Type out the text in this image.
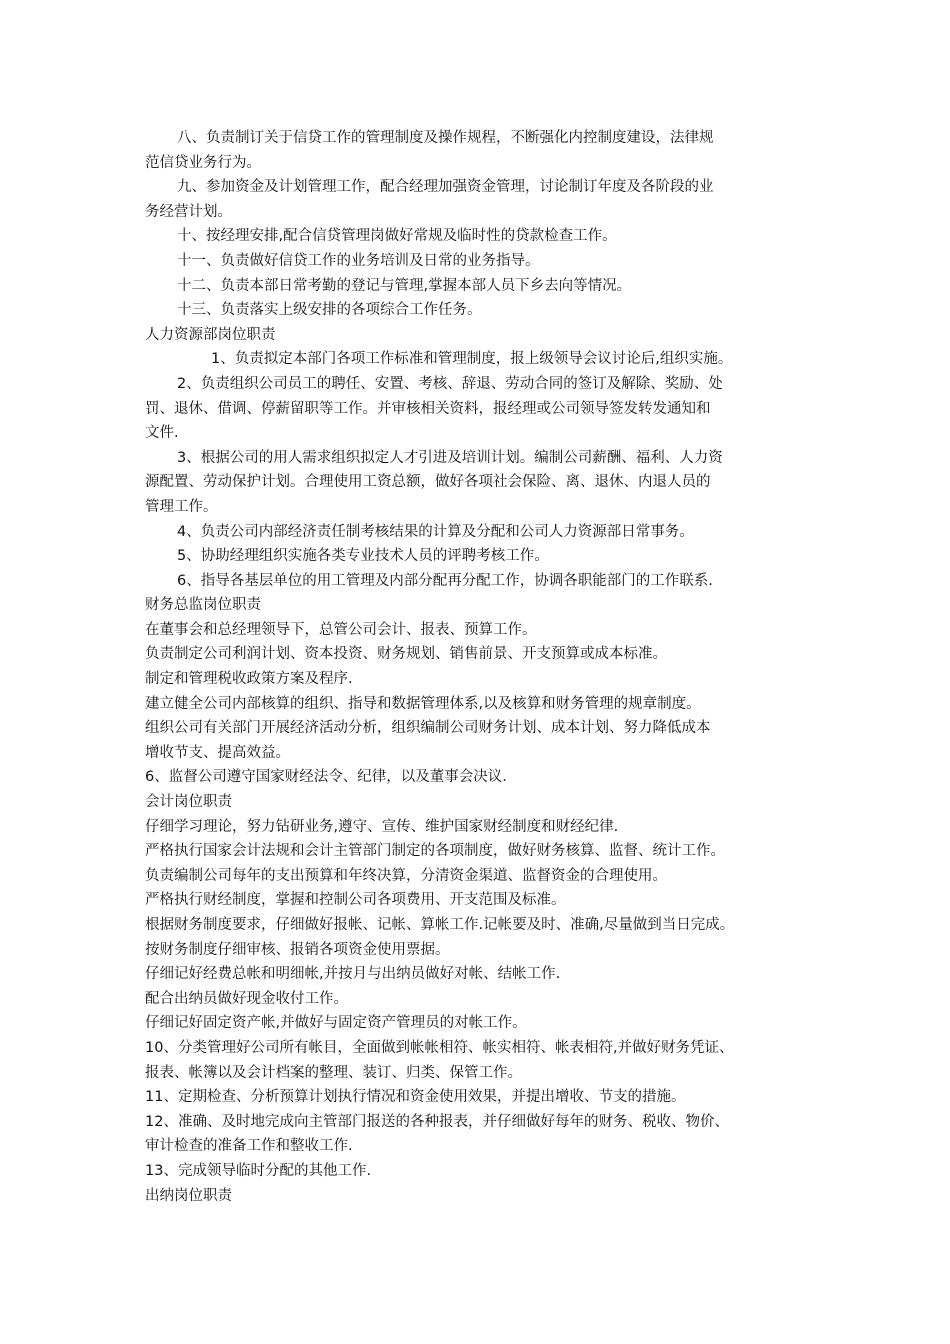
八、负责制订关于信贷工作的管理制度及操作规程，不断强化内控制度建设，法律规

范信贷业务行为。

九、参加资金及计划管理工作，配合经理加强资金管理，讨论制订年度及各阶段的业

务经营计划。

十、按经理安排,配合信贷管理岗做好常规及临时性的贷款检查工作。

十一、负责做好信贷工作的业务培训及日常的业务指导。

十二、负责本部日常考勤的登记与管理,掌握本部人员下乡去向等情况。

十三、负责落实上级安排的各项综合工作任务。

人力资源部岗位职责

1、负责拟定本部门各项工作标准和管理制度，报上级领导会议讨论后,组织实施。

2、负责组织公司员工的聘任、安置、考核、辞退、劳动合同的签订及解除、奖励、处

罚、退休、借调、停薪留职等工作。并审核相关资料，报经理或公司领导签发转发通知和

文件.

3、根据公司的用人需求组织拟定人才引进及培训计划。编制公司薪酬、福利、人力资

源配置、劳动保护计划。合理使用工资总额，做好各项社会保险、离、退休、内退人员的

管理工作。

4、负责公司内部经济责任制考核结果的计算及分配和公司人力资源部日常事务。

5、协助经理组织实施各类专业技术人员的评聘考核工作。

6、指导各基层单位的用工管理及内部分配再分配工作，协调各职能部门的工作联系.

财务总监岗位职责

在董事会和总经理领导下，总管公司会计、报表、预算工作。

负责制定公司利润计划、资本投资、财务规划、销售前景、开支预算或成本标准。

制定和管理税收政策方案及程序.

建立健全公司内部核算的组织、指导和数据管理体系,以及核算和财务管理的规章制度。

组织公司有关部门开展经济活动分析，组织编制公司财务计划、成本计划、努力降低成本

增收节支、提高效益。

6、监督公司遵守国家财经法令、纪律，以及董事会决议.

会计岗位职责

仔细学习理论，努力钻研业务,遵守、宣传、维护国家财经制度和财经纪律.

严格执行国家会计法规和会计主管部门制定的各项制度，做好财务核算、监督、统计工作。

负责编制公司每年的支出预算和年终决算，分清资金渠道、监督资金的合理使用。

严格执行财经制度，掌握和控制公司各项费用、开支范围及标准。

根据财务制度要求，仔细做好报帐、记帐、算帐工作.记帐要及时、准确,尽量做到当日完成。

按财务制度仔细审核、报销各项资金使用票据。

仔细记好经费总帐和明细帐,并按月与出纳员做好对帐、结帐工作.

配合出纳员做好现金收付工作。

仔细记好固定资产帐,并做好与固定资产管理员的对帐工作。

10、分类管理好公司所有帐目，全面做到帐帐相符、帐实相符、帐表相符,并做好财务凭证、

报表、帐簿以及会计档案的整理、装订、归类、保管工作。

11、定期检查、分析预算计划执行情况和资金使用效果，并提出增收、节支的措施。

12、准确、及时地完成向主管部门报送的各种报表，并仔细做好每年的财务、税收、物价、

审计检查的准备工作和整收工作.

13、完成领导临时分配的其他工作.

出纳岗位职责
